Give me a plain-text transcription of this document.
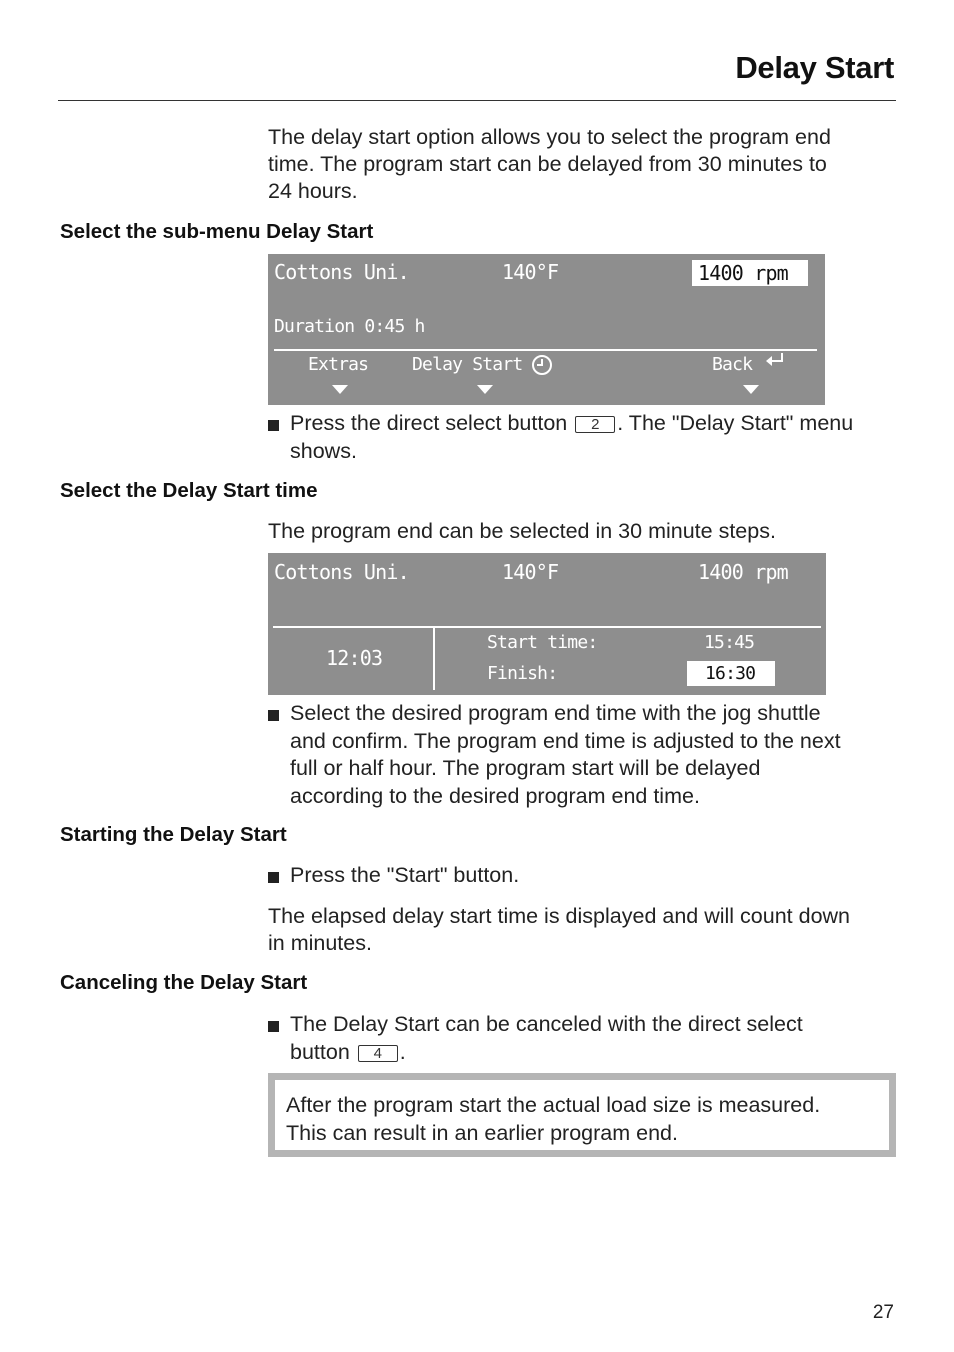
Delay Start
The delay start option allows you to select the program end
time. The program start can be delayed from 30 minutes to
24 hours.
Select the sub-menu Delay Start
Cottons Uni.	140°F	1400 rpm
Duration 0:45 h
Extras Delay Start	Back
Press the direct select button 2 . The "Delay Start" menu
shows.
Select the Delay Start time
The program end can be selected in 30 minute steps.
Cottons Uni.	140°F	1400 rpm
12:03
Start time:	15:45
Finish:	16:30
Select the desired program end time with the jog shuttle
and confirm. The program end time is adjusted to the next
full or half hour. The program start will be delayed
according to the desired program end time.
Starting the Delay Start
Press the "Start" button.
The elapsed delay start time is displayed and will count down
in minutes.
Canceling the Delay Start
The Delay Start can be canceled with the direct select
button 4 .
After the program start the actual load size is measured.
This can result in an earlier program end.
27
